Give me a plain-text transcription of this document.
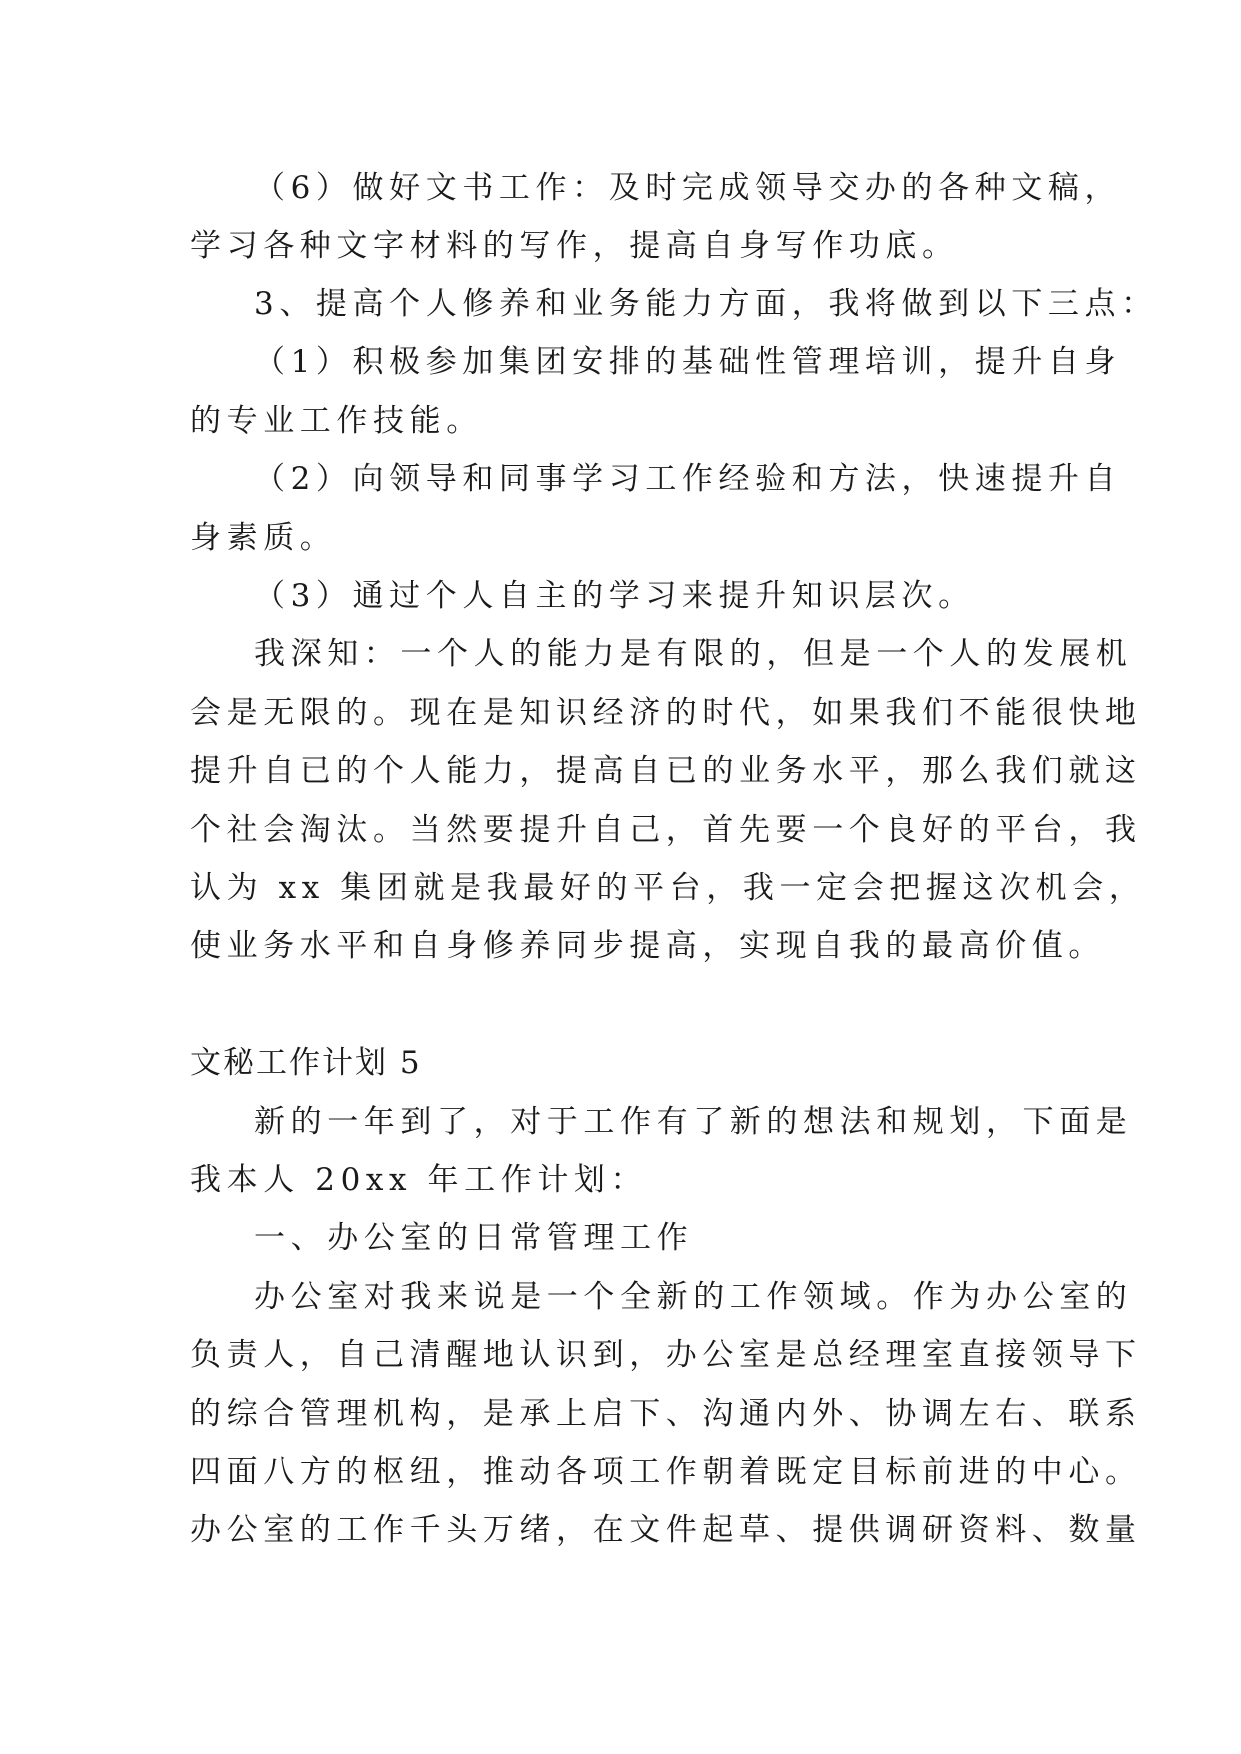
（6）做好文书工作：及时完成领导交办的各种文稿，

学习各种文字材料的写作，提高自身写作功底。

3、提高个人修养和业务能力方面，我将做到以下三点：

（1）积极参加集团安排的基础性管理培训，提升自身

的专业工作技能。

（2）向领导和同事学习工作经验和方法，快速提升自

身素质。

（3）通过个人自主的学习来提升知识层次。

我深知：一个人的能力是有限的，但是一个人的发展机

会是无限的。现在是知识经济的时代，如果我们不能很快地

提升自已的个人能力，提高自已的业务水平，那么我们就这

个社会淘汰。当然要提升自己，首先要一个良好的平台，我

认为 xx 集团就是我最好的平台，我一定会把握这次机会，

使业务水平和自身修养同步提高，实现自我的最高价值。

文秘工作计划 5

新的一年到了，对于工作有了新的想法和规划，下面是

我本人 20xx 年工作计划：

一、办公室的日常管理工作

办公室对我来说是一个全新的工作领域。作为办公室的

负责人，自己清醒地认识到，办公室是总经理室直接领导下

的综合管理机构，是承上启下、沟通内外、协调左右、联系

四面八方的枢纽，推动各项工作朝着既定目标前进的中心。

办公室的工作千头万绪，在文件起草、提供调研资料、数量
